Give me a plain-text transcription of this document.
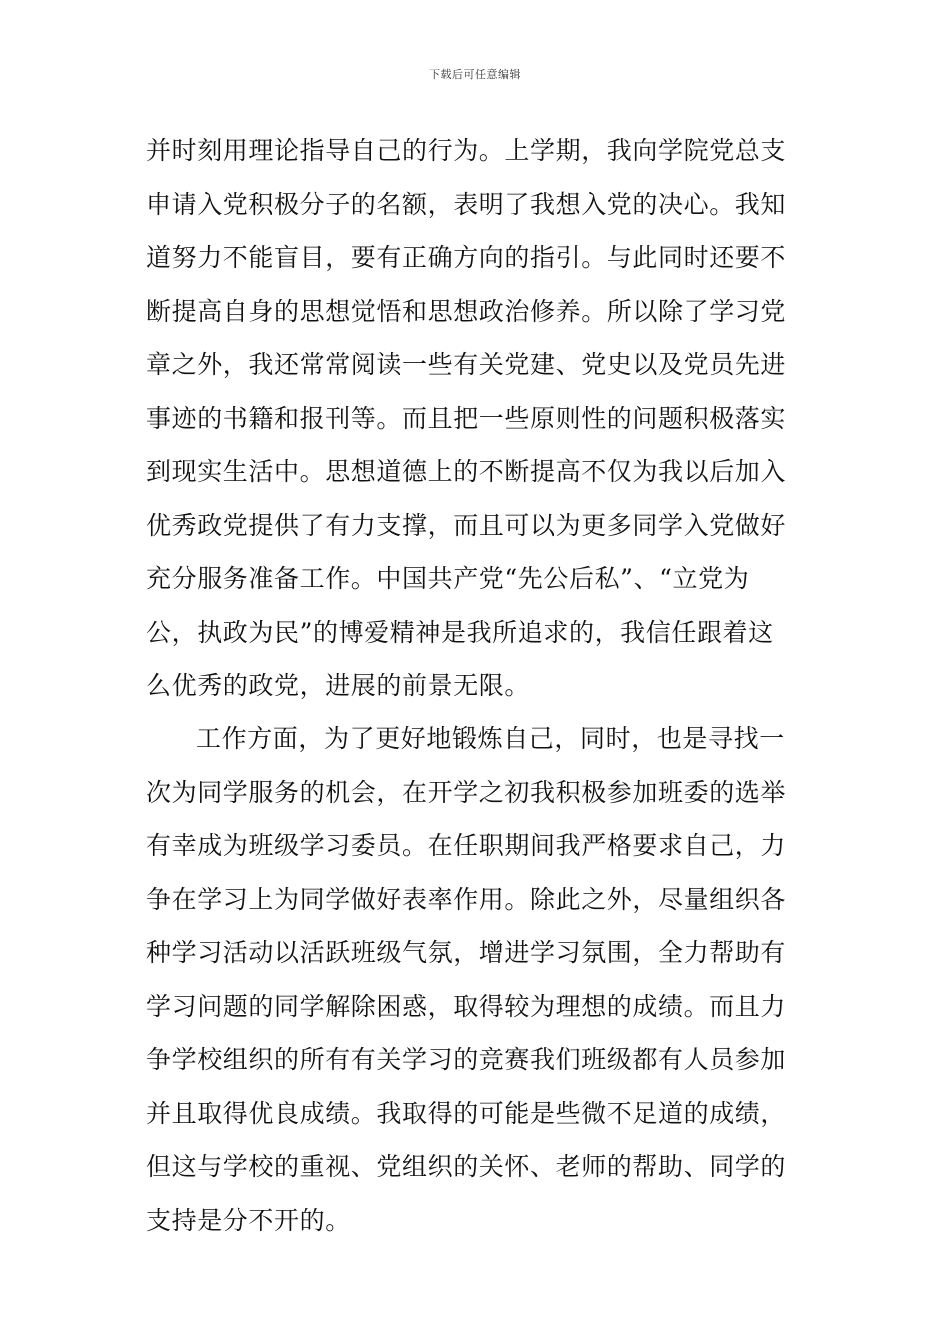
下载后可任意编辑
并时刻用理论指导自己的行为。上学期，我向学院党总支
申请入党积极分子的名额，表明了我想入党的决心。我知
道努力不能盲目，要有正确方向的指引。与此同时还要不
断提高自身的思想觉悟和思想政治修养。所以除了学习党
章之外，我还常常阅读一些有关党建、党史以及党员先进
事迹的书籍和报刊等。而且把一些原则性的问题积极落实
到现实生活中。思想道德上的不断提高不仅为我以后加入
优秀政党提供了有力支撑，而且可以为更多同学入党做好
充分服务准备工作。中国共产党“先公后私”、“立党为
公，执政为民”的博爱精神是我所追求的，我信任跟着这
么优秀的政党，进展的前景无限。
工作方面，为了更好地锻炼自己，同时，也是寻找一
次为同学服务的机会，在开学之初我积极参加班委的选举
有幸成为班级学习委员。在任职期间我严格要求自己，力
争在学习上为同学做好表率作用。除此之外，尽量组织各
种学习活动以活跃班级气氛，增进学习氛围，全力帮助有
学习问题的同学解除困惑，取得较为理想的成绩。而且力
争学校组织的所有有关学习的竞赛我们班级都有人员参加
并且取得优良成绩。我取得的可能是些微不足道的成绩，
但这与学校的重视、党组织的关怀、老师的帮助、同学的
支持是分不开的。
